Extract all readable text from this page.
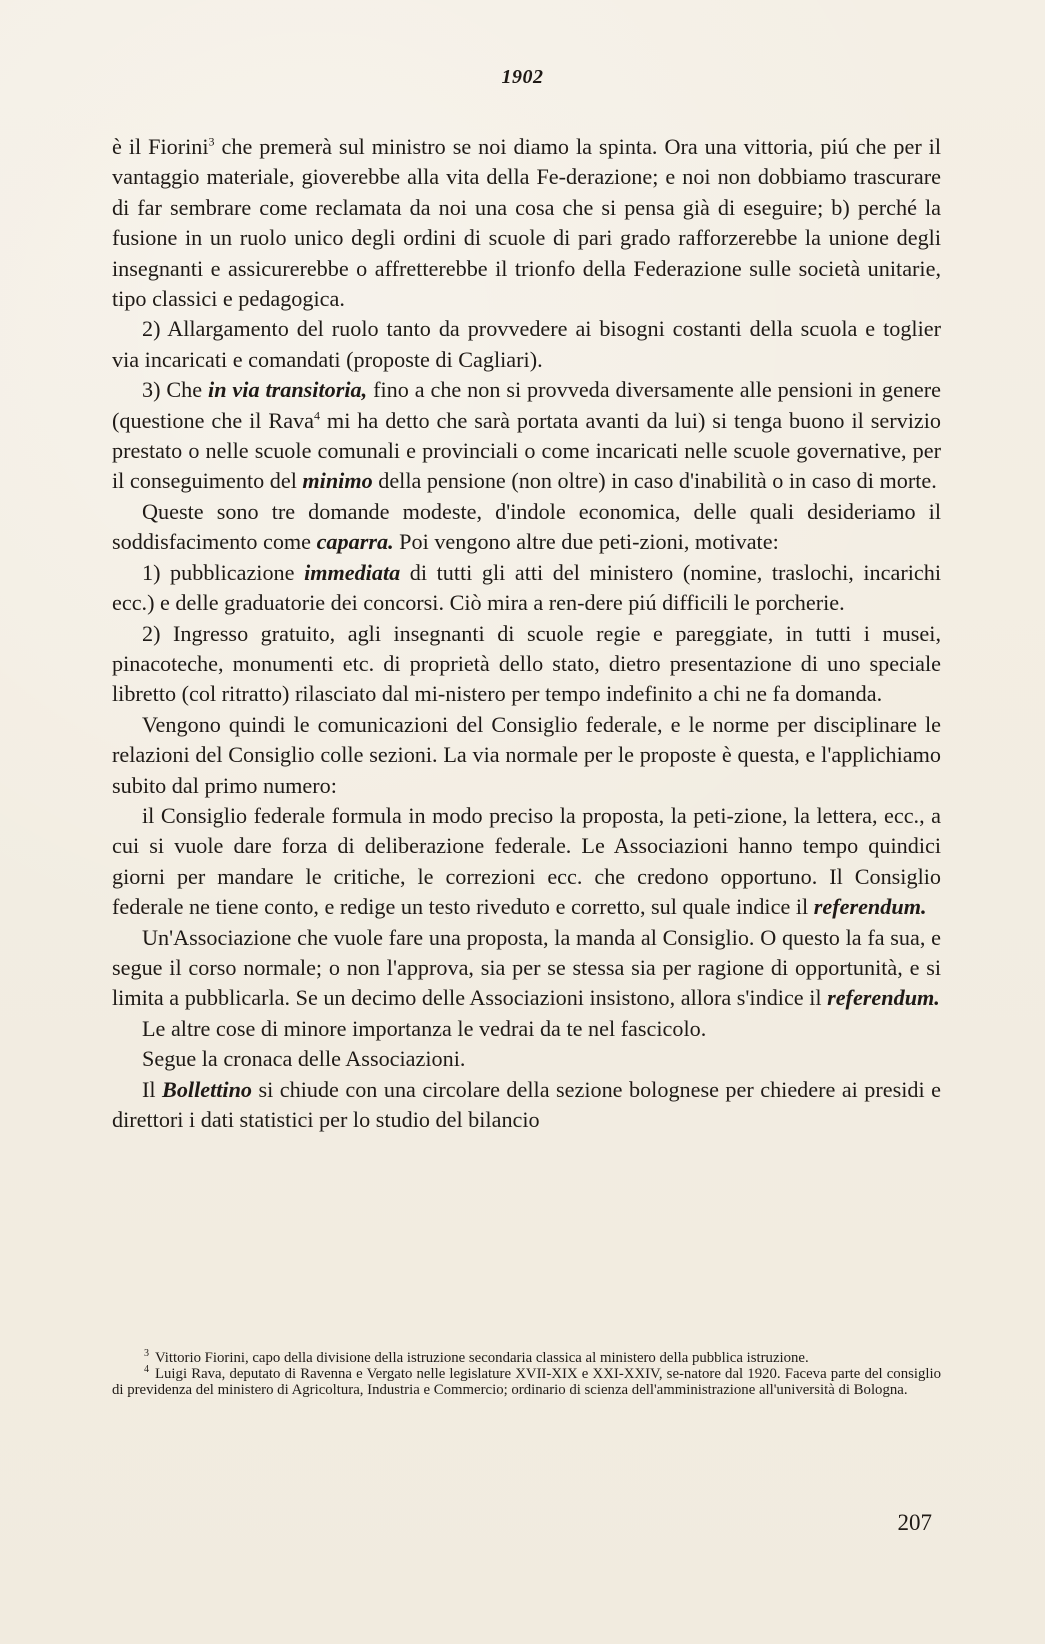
1902

è il Fiorini$^3$ che premerà sul ministro se noi diamo la spinta. Ora una vittoria, piú che per il vantaggio materiale, gioverebbe alla vita della Fe-derazione; e noi non dobbiamo trascurare di far sembrare come reclamata da noi una cosa che si pensa già di eseguire; b) perché la fusione in un ruolo unico degli ordini di scuole di pari grado rafforzerebbe la unione degli insegnanti e assicurerebbe o affretterebbe il trionfo della Federazione sulle società unitarie, tipo classici e pedagogica.

2) Allargamento del ruolo tanto da provvedere ai bisogni costanti della scuola e toglier via incaricati e comandati (proposte di Cagliari).

3) Che in via transitoria, fino a che non si provveda diversamente alle pensioni in genere (questione che il Rava$^4$ mi ha detto che sarà portata avanti da lui) si tenga buono il servizio prestato o nelle scuole comunali e provinciali o come incaricati nelle scuole governative, per il conseguimento del minimo della pensione (non oltre) in caso d'inabilità o in caso di morte.

Queste sono tre domande modeste, d'indole economica, delle quali desideriamo il soddisfacimento come caparra. Poi vengono altre due peti-zioni, motivate:

1) pubblicazione immediata di tutti gli atti del ministero (nomine, traslochi, incarichi ecc.) e delle graduatorie dei concorsi. Ciò mira a ren-dere piú difficili le porcherie.

2) Ingresso gratuito, agli insegnanti di scuole regie e pareggiate, in tutti i musei, pinacoteche, monumenti etc. di proprietà dello stato, dietro presentazione di uno speciale libretto (col ritratto) rilasciato dal mi-nistero per tempo indefinito a chi ne fa domanda.

Vengono quindi le comunicazioni del Consiglio federale, e le norme per disciplinare le relazioni del Consiglio colle sezioni. La via normale per le proposte è questa, e l'applichiamo subito dal primo numero:

il Consiglio federale formula in modo preciso la proposta, la peti-zione, la lettera, ecc., a cui si vuole dare forza di deliberazione federale. Le Associazioni hanno tempo quindici giorni per mandare le critiche, le correzioni ecc. che credono opportuno. Il Consiglio federale ne tiene conto, e redige un testo riveduto e corretto, sul quale indice il referendum.

Un'Associazione che vuole fare una proposta, la manda al Consiglio. O questo la fa sua, e segue il corso normale; o non l'approva, sia per se stessa sia per ragione di opportunità, e si limita a pubblicarla. Se un decimo delle Associazioni insistono, allora s'indice il referendum.

Le altre cose di minore importanza le vedrai da te nel fascicolo.

Segue la cronaca delle Associazioni.

Il Bollettino si chiude con una circolare della sezione bolognese per chiedere ai presidi e direttori i dati statistici per lo studio del bilancio

$^3$ Vittorio Fiorini, capo della divisione della istruzione secondaria classica al ministero della pubblica istruzione.

$^4$ Luigi Rava, deputato di Ravenna e Vergato nelle legislature XVII-XIX e XXI-XXIV, se-natore dal 1920. Faceva parte del consiglio di previdenza del ministero di Agricoltura, Industria e Commercio; ordinario di scienza dell'amministrazione all'università di Bologna.

207
